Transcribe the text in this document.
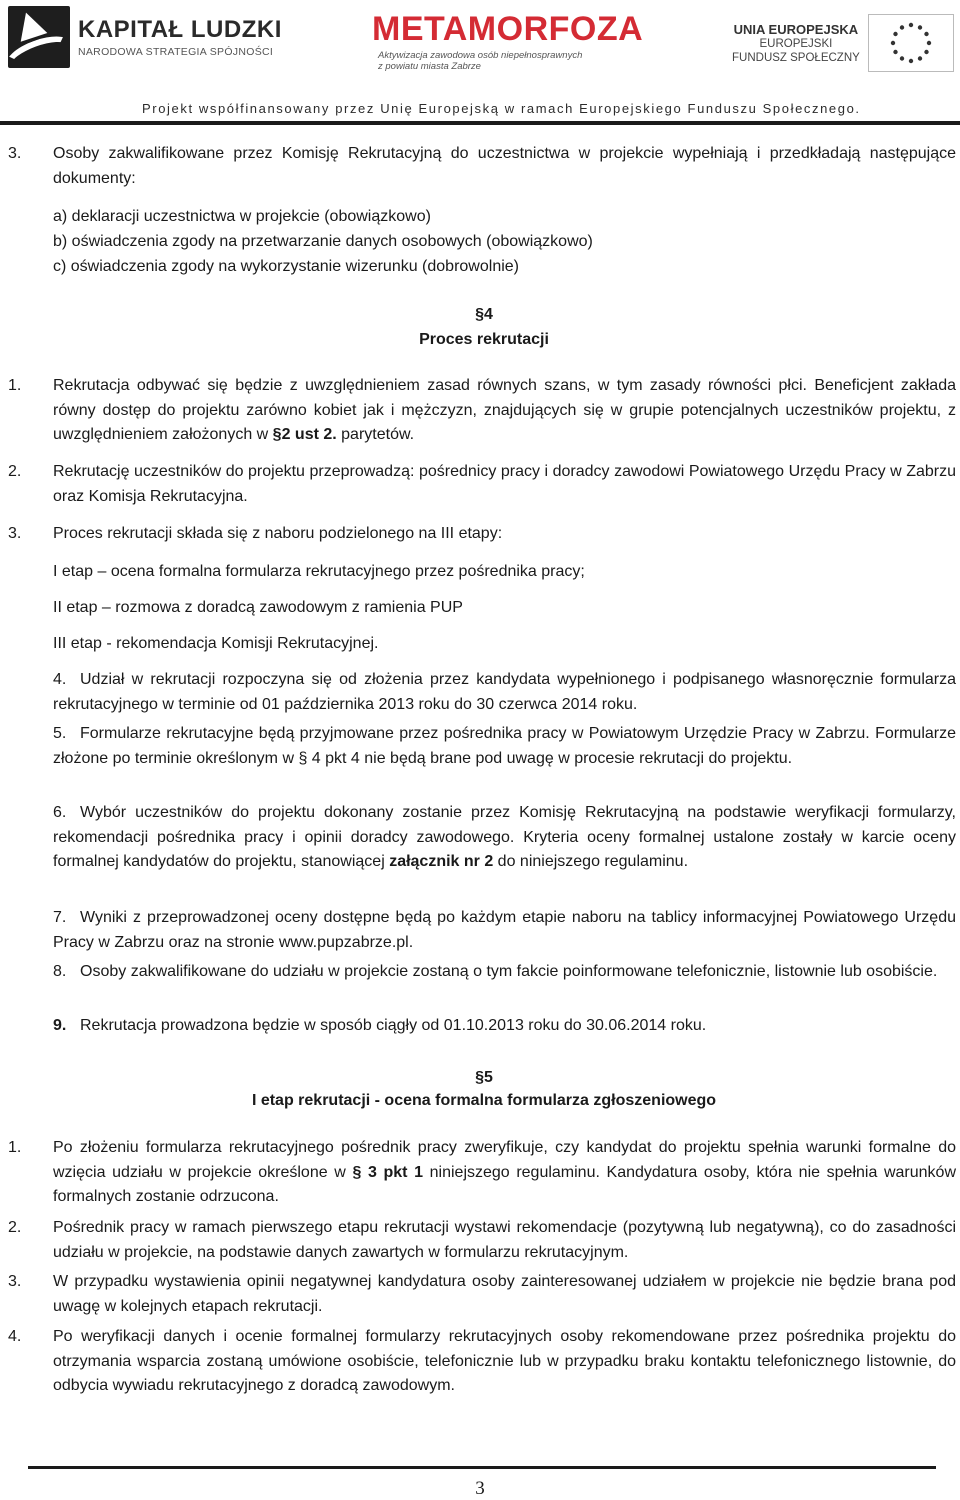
KAPITAŁ LUDZKI
NARODOWA STRATEGIA SPÓJNOŚCI
METAMORFOZA
Aktywizacja zawodowa osób niepełnosprawnych
z powiatu miasta Zabrze
UNIA EUROPEJSKA
EUROPEJSKI
FUNDUSZ SPOŁECZNY
Projekt współfinansowany przez Unię Europejską w ramach Europejskiego Funduszu Społecznego.
3. Osoby zakwalifikowane przez Komisję Rekrutacyjną do uczestnictwa w projekcie wypełniają i przedkładają następujące dokumenty:
a) deklaracji uczestnictwa w projekcie (obowiązkowo)
b) oświadczenia zgody na przetwarzanie danych osobowych (obowiązkowo)
c) oświadczenia zgody na wykorzystanie wizerunku (dobrowolnie)
§4
Proces rekrutacji
1. Rekrutacja odbywać się będzie z uwzględnieniem zasad równych szans, w tym zasady równości płci. Beneficjent zakłada równy dostęp do projektu zarówno kobiet jak i mężczyzn, znajdujących się w grupie potencjalnych uczestników projektu, z uwzględnieniem założonych w §2 ust 2. parytetów.
2. Rekrutację uczestników do projektu przeprowadzą: pośrednicy pracy i doradcy zawodowi Powiatowego Urzędu Pracy w Zabrzu oraz Komisja Rekrutacyjna.
3. Proces rekrutacji składa się z naboru podzielonego na III etapy:
I etap – ocena formalna formularza rekrutacyjnego przez pośrednika pracy;
II etap – rozmowa z doradcą zawodowym z ramienia PUP
III etap - rekomendacja Komisji Rekrutacyjnej.
4. Udział w rekrutacji rozpoczyna się od złożenia przez kandydata wypełnionego i podpisanego własnoręcznie formularza rekrutacyjnego w terminie od 01 października 2013 roku do 30 czerwca 2014 roku.
5. Formularze rekrutacyjne będą przyjmowane przez pośrednika pracy w Powiatowym Urzędzie Pracy w Zabrzu. Formularze złożone po terminie określonym w § 4 pkt 4 nie będą brane pod uwagę w procesie rekrutacji do projektu.
6. Wybór uczestników do projektu dokonany zostanie przez Komisję Rekrutacyjną na podstawie weryfikacji formularzy, rekomendacji pośrednika pracy i opinii doradcy zawodowego. Kryteria oceny formalnej ustalone zostały w karcie oceny formalnej kandydatów do projektu, stanowiącej załącznik nr 2 do niniejszego regulaminu.
7. Wyniki z przeprowadzonej oceny dostępne będą po każdym etapie naboru na tablicy informacyjnej Powiatowego Urzędu Pracy w Zabrzu oraz na stronie www.pupzabrze.pl.
8. Osoby zakwalifikowane do udziału w projekcie zostaną o tym fakcie poinformowane telefonicznie, listownie lub osobiście.
9. Rekrutacja prowadzona będzie w sposób ciągły od 01.10.2013 roku do 30.06.2014 roku.
§5
I etap rekrutacji - ocena formalna formularza zgłoszeniowego
1. Po złożeniu formularza rekrutacyjnego pośrednik pracy zweryfikuje, czy kandydat do projektu spełnia warunki formalne do wzięcia udziału w projekcie określone w § 3 pkt 1 niniejszego regulaminu. Kandydatura osoby, która nie spełnia warunków formalnych zostanie odrzucona.
2. Pośrednik pracy w ramach pierwszego etapu rekrutacji wystawi rekomendacje (pozytywną lub negatywną), co do zasadności udziału w projekcie, na podstawie danych zawartych w formularzu rekrutacyjnym.
3. W przypadku wystawienia opinii negatywnej kandydatura osoby zainteresowanej udziałem w projekcie nie będzie brana pod uwagę w kolejnych etapach rekrutacji.
4. Po weryfikacji danych i ocenie formalnej formularzy rekrutacyjnych osoby rekomendowane przez pośrednika projektu do otrzymania wsparcia zostaną umówione osobiście, telefonicznie lub w przypadku braku kontaktu telefonicznego listownie, do odbycia wywiadu rekrutacyjnego z doradcą zawodowym.
3
